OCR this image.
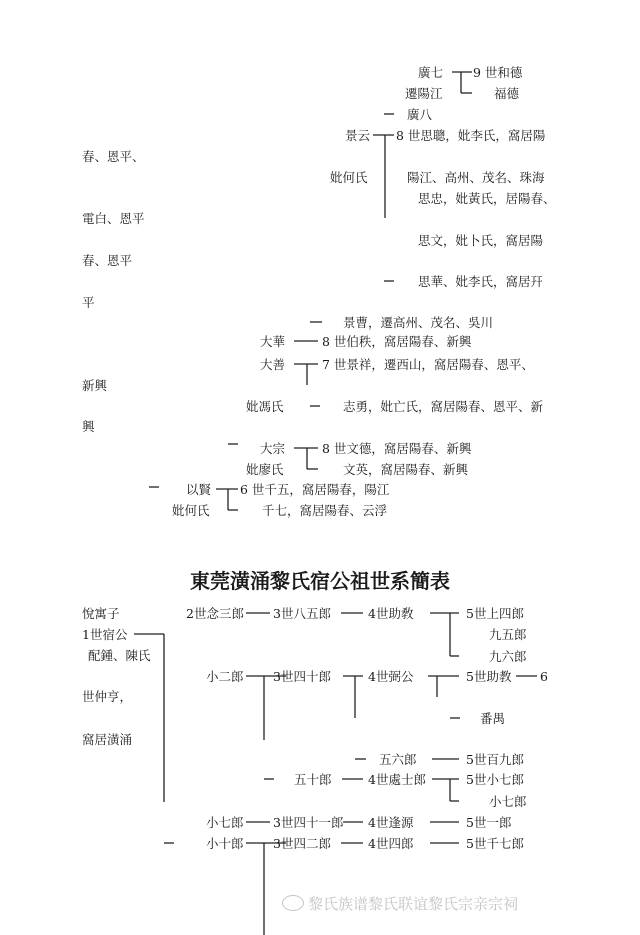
廣七 9 世和德
遷陽江	福德
廣八
景云 8 世思聰，妣李氏，窩居陽
春、恩平、
妣何氏	陽江、高州、茂名、珠海
思忠，妣黃氏，居陽春、
電白、恩平
思文，妣卜氏，窩居陽
春、恩平
思華、妣李氏，窩居幵
平
景曹，遷高州、茂名、吳川
大華	8 世伯秩，窩居陽春、新興
大善	7 世景祥，遷西山，窩居陽春、恩平、
新興
妣馮氏	志勇，妣亡氏，窩居陽春、恩平、新
興
大宗	8 世文德，窩居陽春、新興
妣廖氏	文英，窩居陽春、新興
以賢 6 世千五，窩居陽春，陽江
妣何氏	千七，窩居陽春、云浮
東莞潢涌黎氏宿公祖世系簡表
悅寓子
1世宿公
配鍾、陳氏
世仲亨，
窩居潢涌
2世念三郎 3世八五郎	4世助敎	5世上四郎
九五郎
九六郎
小二郎 3世四十郎	4世弼公	5世助教 6
番禺
五六郎	5世百九郎
五十郎	4世處士郎	5世小七郎
小七郎
小七郎 3世四十一郎 4世逢源	5世一郎
小十郎 3世四二郎	4世四郎	5世千七郎
黎氏族谱黎氏联谊黎氏宗亲宗祠
